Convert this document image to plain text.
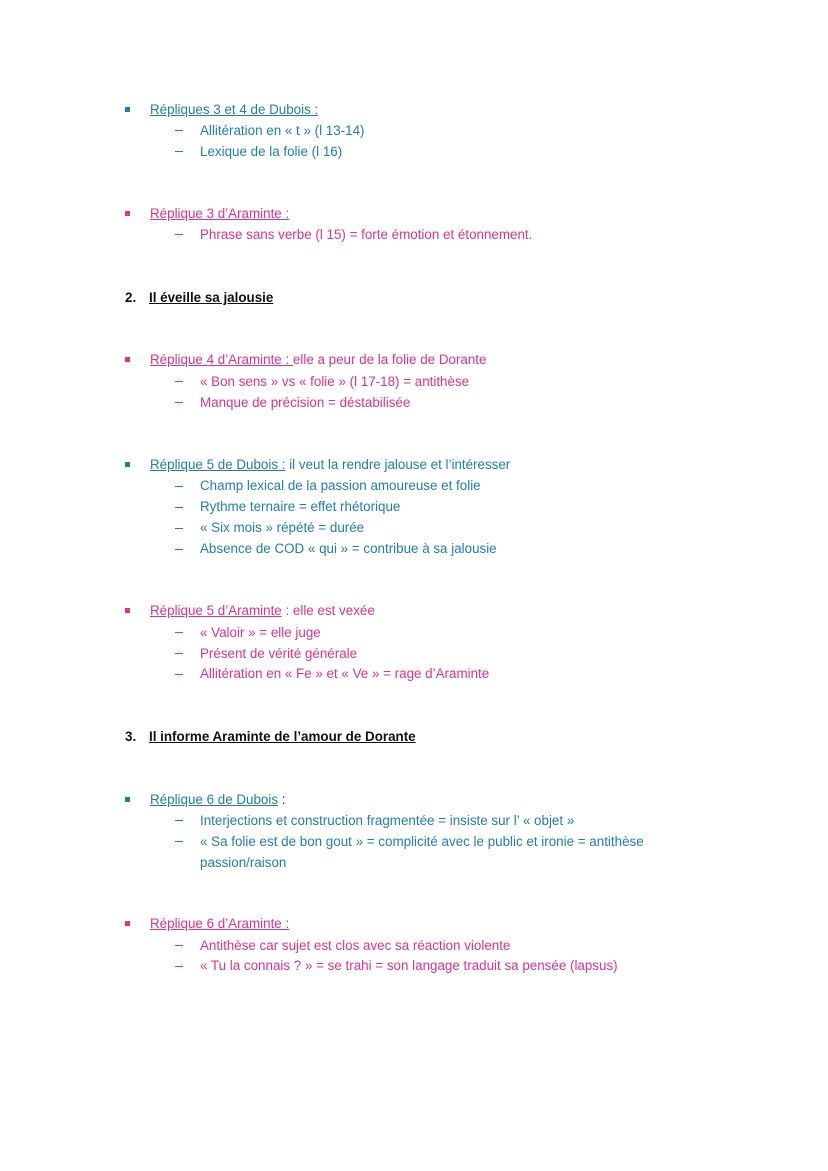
Répliques 3 et 4 de Dubois :
Allitération en « t » (l 13-14)
Lexique de la folie (l 16)
Réplique 3 d’Araminte :
Phrase sans verbe (l 15) = forte émotion et étonnement.
2. Il éveille sa jalousie
Réplique 4 d’Araminte : elle a peur de la folie de Dorante
« Bon sens » vs « folie » (l 17-18) = antithèse
Manque de précision = déstabilisée
Réplique 5 de Dubois : il veut la rendre jalouse et l’intéresser
Champ lexical de la passion amoureuse et folie
Rythme ternaire = effet rhétorique
« Six mois » répété = durée
Absence de COD « qui » = contribue à sa jalousie
Réplique 5 d’Araminte : elle est vexée
« Valoir » = elle juge
Présent de vérité générale
Allitération en « Fe » et « Ve » = rage d’Araminte
3. Il informe Araminte de l’amour de Dorante
Réplique 6 de Dubois :
Interjections et construction fragmentée = insiste sur l’ « objet »
« Sa folie est de bon gout » = complicité avec le public et ironie = antithèse
passion/raison
Réplique 6 d’Araminte :
Antithèse car sujet est clos avec sa réaction violente
« Tu la connais ? » = se trahi = son langage traduit sa pensée (lapsus)
